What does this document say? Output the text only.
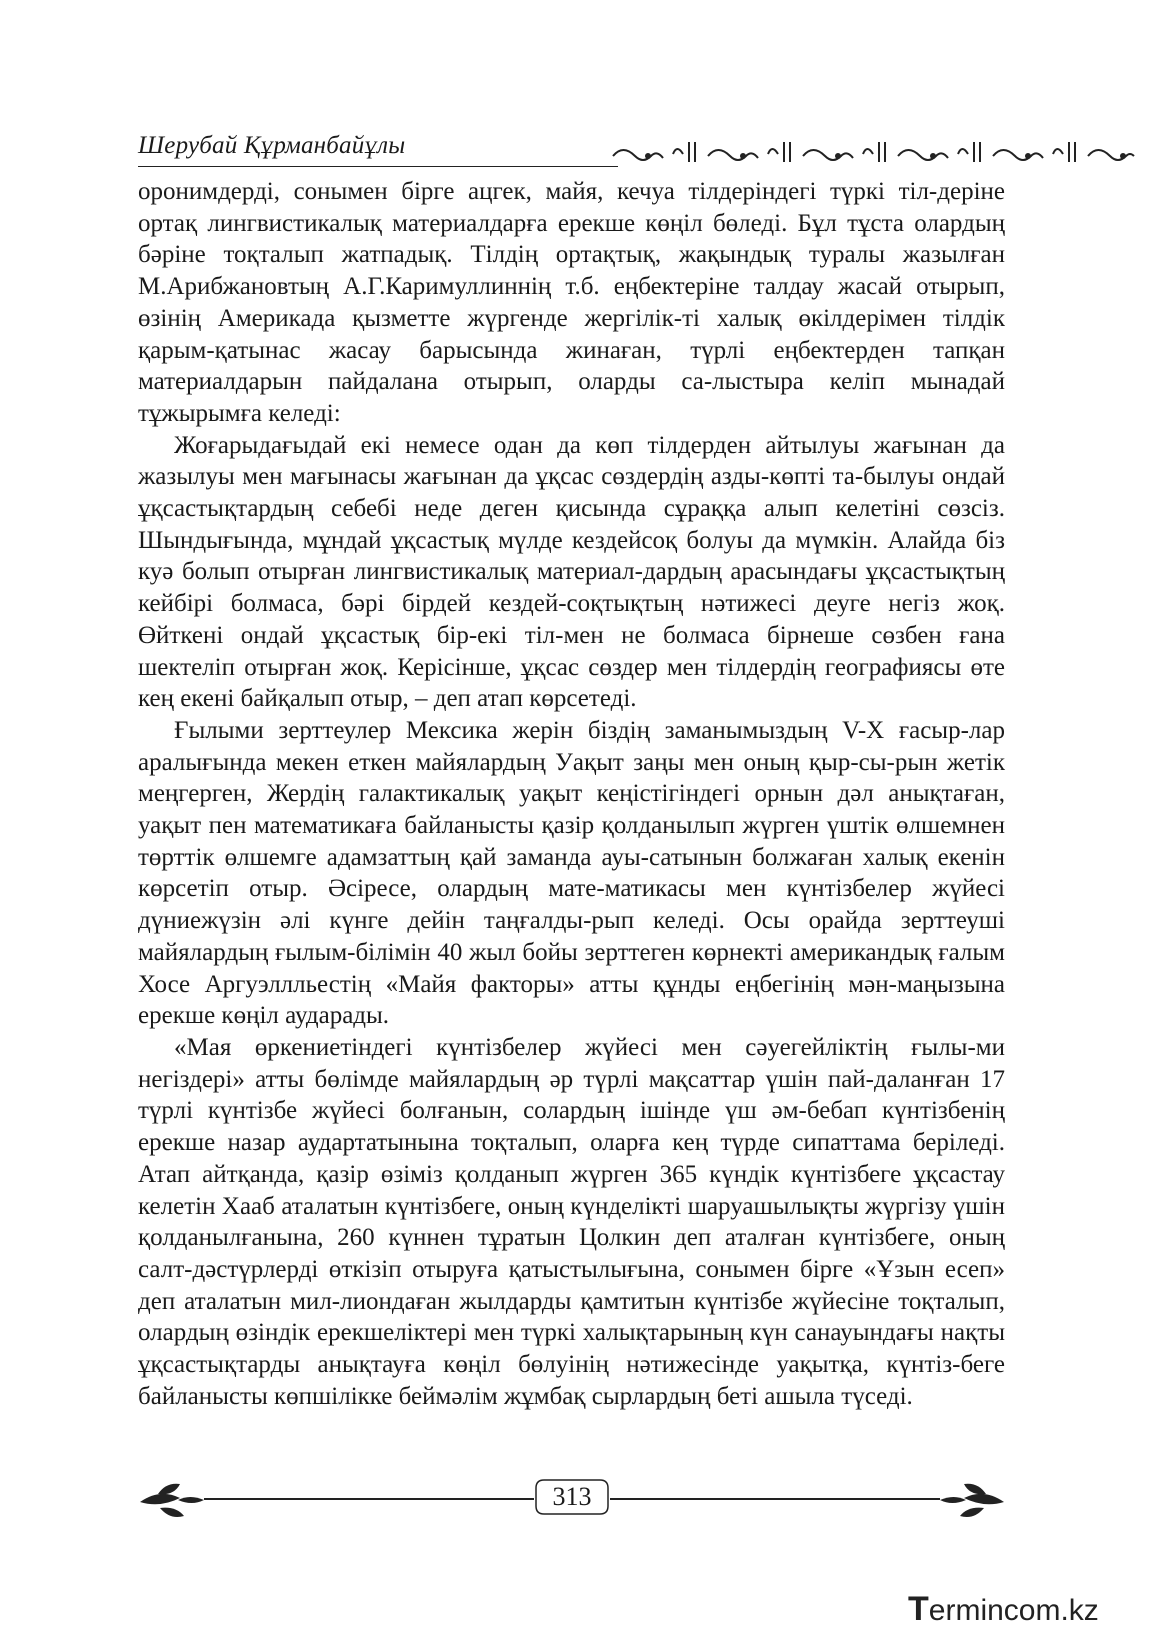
Шерубай Құрманбайұлы

оронимдерді, сонымен бірге ацгек, майя, кечуа тілдеріндегі түркі тіл-деріне ортақ лингвистикалық материалдарға ерекше көңіл бөледі. Бұл тұста олардың бәріне тоқталып жатпадық. Тілдің ортақтық, жақындық туралы жазылған М.Арибжановтың А.Г.Каримуллиннің т.б. еңбектеріне талдау жасай отырып, өзінің Америкада қызметте жүргенде жергілік-ті халық өкілдерімен тілдік қарым-қатынас жасау барысында жинаған, түрлі еңбектерден тапқан материалдарын пайдалана отырып, оларды са-лыстыра келіп мынадай тұжырымға келеді:

Жоғарыдағыдай екі немесе одан да көп тілдерден айтылуы жағынан да жазылуы мен мағынасы жағынан да ұқсас сөздердің азды-көпті та-былуы ондай ұқсастықтардың себебі неде деген қисында сұраққа алып келетіні сөзсіз. Шындығында, мұндай ұқсастық мүлде кездейсоқ болуы да мүмкін. Алайда біз куә болып отырған лингвистикалық материал-дардың арасындағы ұқсастықтың кейбірі болмаса, бәрі бірдей кездей-соқтықтың нәтижесі деуге негіз жоқ. Өйткені ондай ұқсастық бір-екі тіл-мен не болмаса бірнеше сөзбен ғана шектеліп отырған жоқ. Керісінше, ұқсас сөздер мен тілдердің географиясы өте кең екені байқалып отыр, – деп атап көрсетеді.

Ғылыми зерттеулер Мексика жерін біздің заманымыздың V-X ғасыр-лар аралығында мекен еткен майялардың Уақыт заңы мен оның қыр-сы-рын жетік меңгерген, Жердің галактикалық уақыт кеңістігіндегі орнын дәл анықтаған, уақыт пен математикаға байланысты қазір қолданылып жүрген үштік өлшемнен төрттік өлшемге адамзаттың қай заманда ауы-сатынын болжаған халық екенін көрсетіп отыр. Әсіресе, олардың мате-матикасы мен күнтізбелер жүйесі дүниежүзін әлі күнге дейін таңғалды-рып келеді. Осы орайда зерттеуші майялардың ғылым-білімін 40 жыл бойы зерттеген көрнекті американдық ғалым Хосе Аргуэллльестің «Майя факторы» атты құнды еңбегінің мән-маңызына ерекше көңіл аударады.

«Мая өркениетіндегі күнтізбелер жүйесі мен сәуегейліктің ғылы-ми негіздері» атты бөлімде майялардың әр түрлі мақсаттар үшін пай-даланған 17 түрлі күнтізбе жүйесі болғанын, солардың ішінде үш әм-бебап күнтізбенің ерекше назар аудартатынына тоқталып, оларға кең түрде сипаттама беріледі. Атап айтқанда, қазір өзіміз қолданып жүрген 365 күндік күнтізбеге ұқсастау келетін Хааб аталатын күнтізбеге, оның күнделікті шаруашылықты жүргізу үшін қолданылғанына, 260 күннен тұратын Цолкин деп аталған күнтізбеге, оның салт-дәстүрлерді өткізіп отыруға қатыстылығына, сонымен бірге «Ұзын есеп» деп аталатын мил-лиондаған жылдарды қамтитын күнтізбе жүйесіне тоқталып, олардың өзіндік ерекшеліктері мен түркі халықтарының күн санауындағы нақты ұқсастықтарды анықтауға көңіл бөлуінің нәтижесінде уақытқа, күнтіз-беге байланысты көпшілікке беймәлім жұмбақ сырлардың беті ашыла түседі.

313
Termincom.kz
